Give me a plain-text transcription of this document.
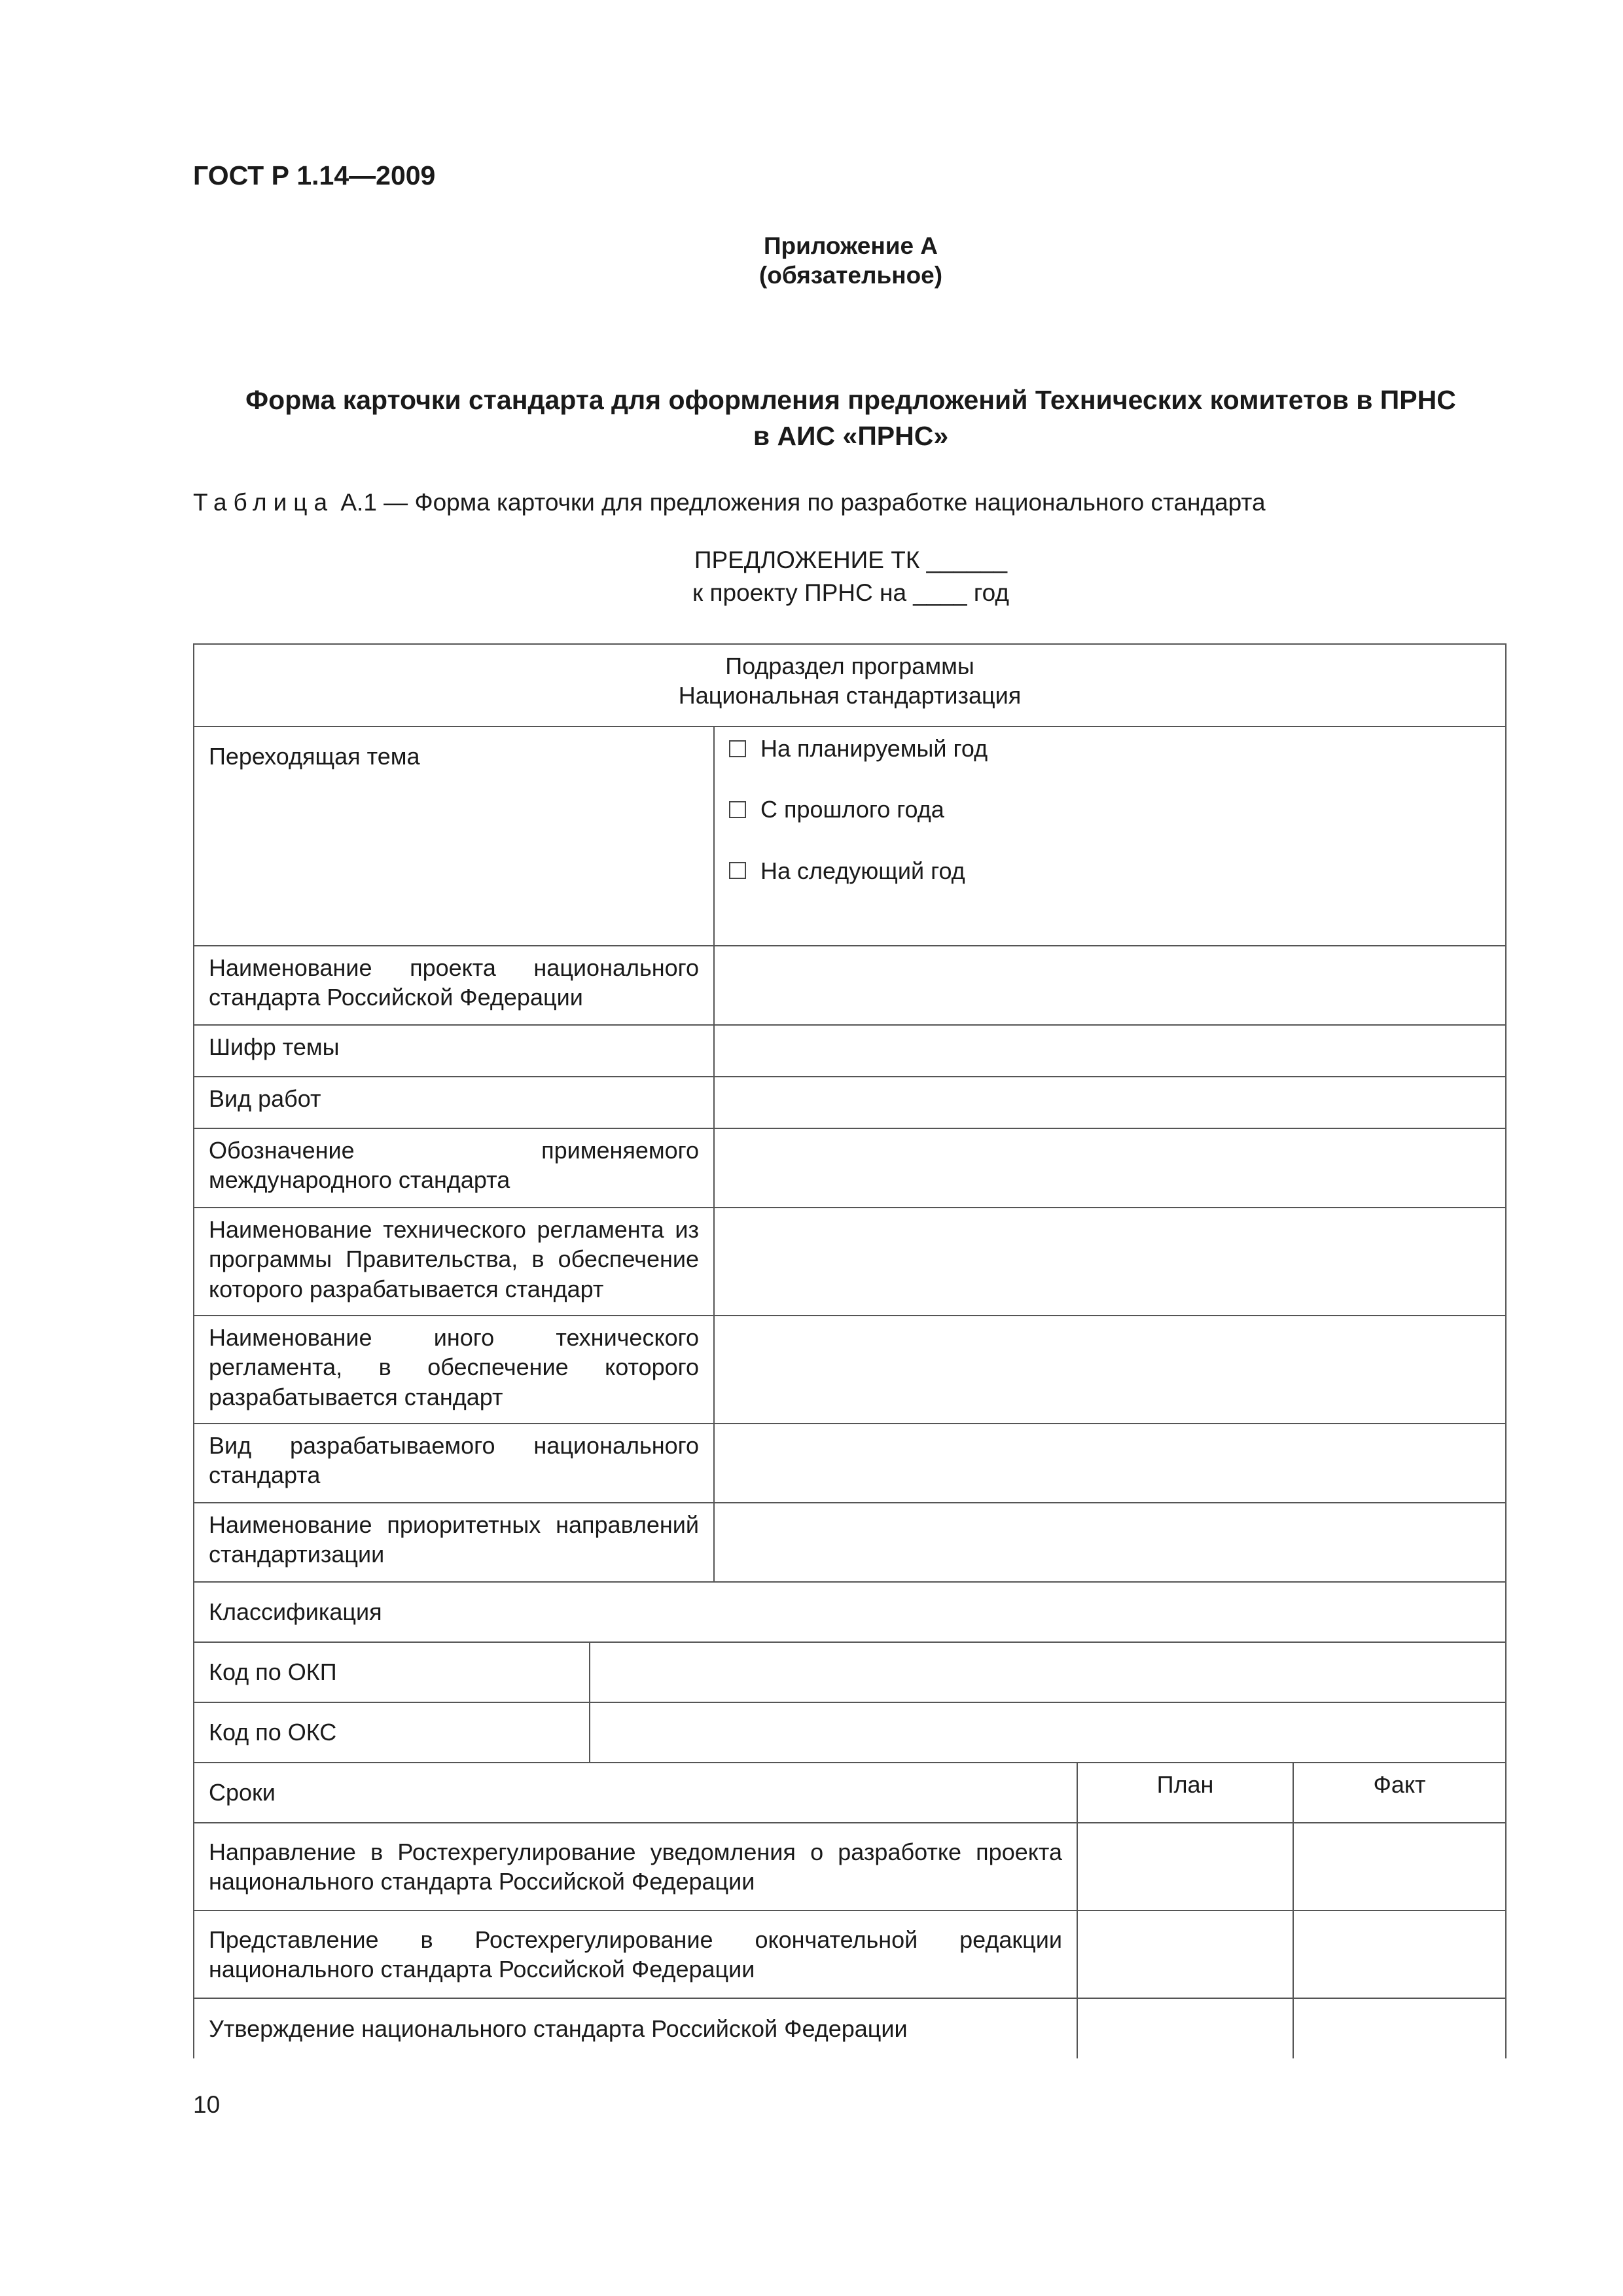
ГОСТ Р 1.14—2009
Приложение А
(обязательное)
Форма карточки стандарта для оформления предложений Технических комитетов в ПРНС
в АИС «ПРНС»
Таблица А.1 — Форма карточки для предложения по разработке национального стандарта
ПРЕДЛОЖЕНИЕ ТК ______
к проекту ПРНС на ____ год
Подраздел программы
Национальная стандартизация				

Переходящая тема		На планируемый год
С прошлого года
На следующий год		

Наименование проекта национального стандарта Российской Федерации				
Шифр темы				
Вид работ				
Обозначение применяемого международного стандарта				
Наименование технического регламента из программы Правительства, в обеспечение которого разрабатывается стандарт				
Наименование иного технического регламента, в обеспечение которого разрабатывается стандарт				
Вид разрабатываемого национального стандарта				
Наименование приоритетных направлений стандартизации				
Классификация				
Код по ОКП				
Код по ОКС				
Сроки			План	Факт
Направление в Ростехрегулирование уведомления о разработке проекта национального стандарта Российской Федерации				
Представление в Ростехрегулирование окончательной редакции национального стандарта Российской Федерации				
Утверждение национального стандарта Российской Федерации				
10
